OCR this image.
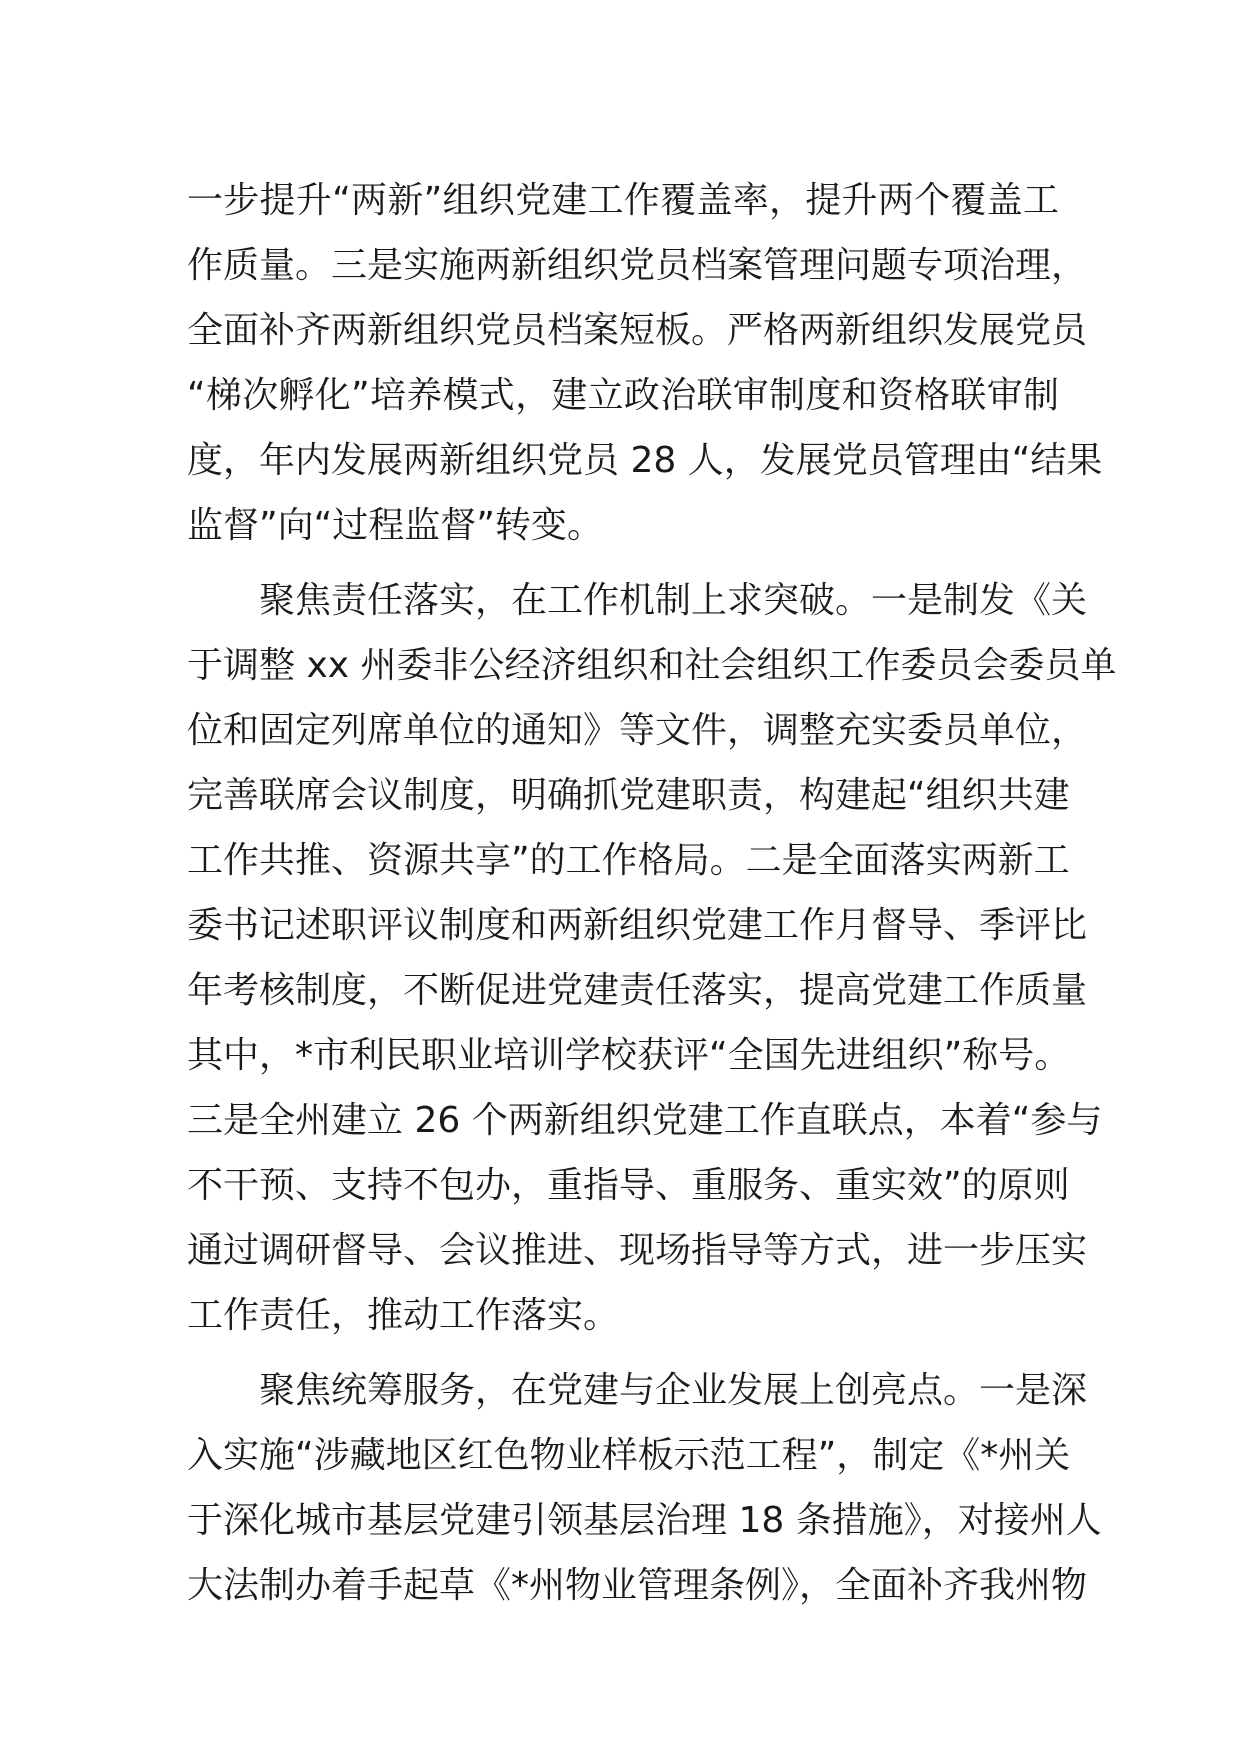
一步提升“两新”组织党建工作覆盖率，提升两个覆盖工
作质量。三是实施两新组织党员档案管理问题专项治理，
全面补齐两新组织党员档案短板。严格两新组织发展党员
“梯次孵化”培养模式，建立政治联审制度和资格联审制
度，年内发展两新组织党员 28 人，发展党员管理由“结果
监督”向“过程监督”转变。
聚焦责任落实，在工作机制上求突破。一是制发《关
于调整 xx 州委非公经济组织和社会组织工作委员会委员单
位和固定列席单位的通知》等文件，调整充实委员单位，
完善联席会议制度，明确抓党建职责，构建起“组织共建
工作共推、资源共享”的工作格局。二是全面落实两新工
委书记述职评议制度和两新组织党建工作月督导、季评比
年考核制度，不断促进党建责任落实，提高党建工作质量
其中，*市利民职业培训学校获评“全国先进组织”称号。
三是全州建立 26 个两新组织党建工作直联点，本着“参与
不干预、支持不包办，重指导、重服务、重实效”的原则
通过调研督导、会议推进、现场指导等方式，进一步压实
工作责任，推动工作落实。
聚焦统筹服务，在党建与企业发展上创亮点。一是深
入实施“涉藏地区红色物业样板示范工程”，制定《*州关
于深化城市基层党建引领基层治理 18 条措施》，对接州人
大法制办着手起草《*州物业管理条例》，全面补齐我州物
